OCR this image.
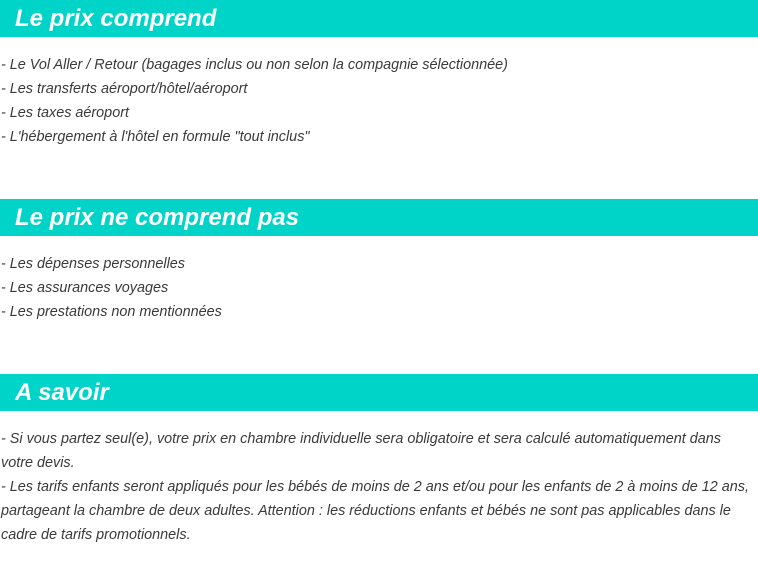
Le prix comprend
- Le Vol Aller / Retour (bagages inclus ou non selon la compagnie sélectionnée)
- Les transferts aéroport/hôtel/aéroport
- Les taxes aéroport
- L'hébergement à l'hôtel en formule "tout inclus"
Le prix ne comprend pas
- Les dépenses personnelles
- Les assurances voyages
- Les prestations non mentionnées
A savoir
- Si vous partez seul(e), votre prix en chambre individuelle sera obligatoire et sera calculé automatiquement dans votre devis.
- Les tarifs enfants seront appliqués pour les bébés de moins de 2 ans et/ou pour les enfants de 2 à moins de 12 ans, partageant la chambre de deux adultes. Attention : les réductions enfants et bébés ne sont pas applicables dans le cadre de tarifs promotionnels.
